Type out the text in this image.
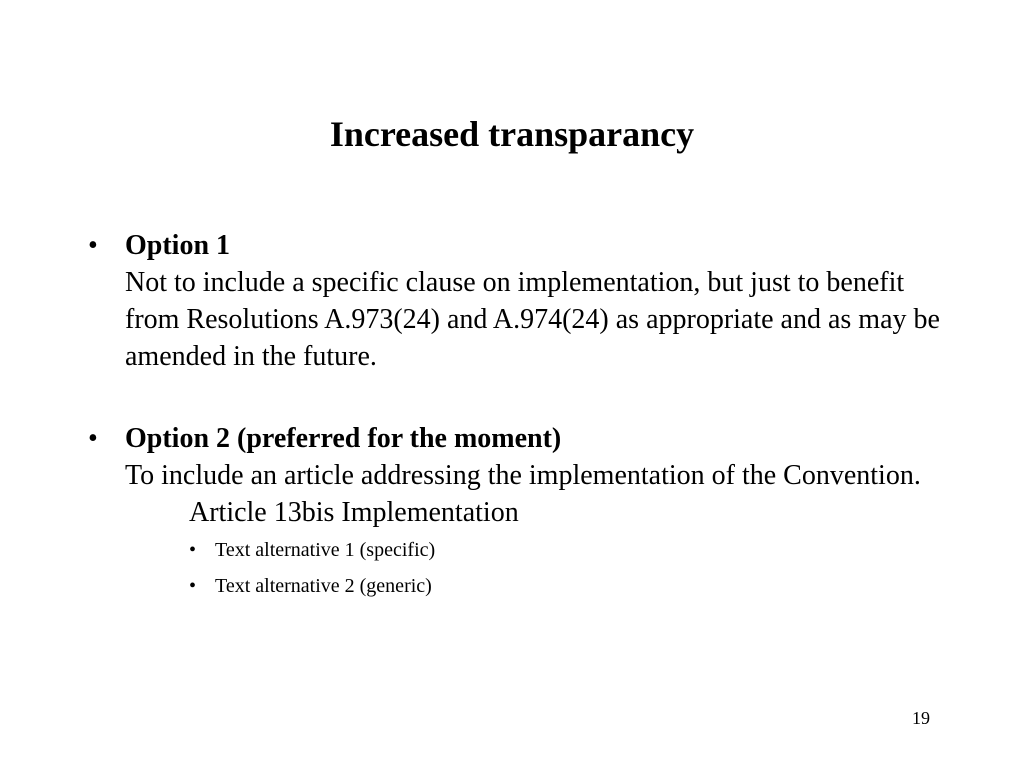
Increased transparancy
• Option 1
Not to include a specific clause on implementation, but just to benefit from Resolutions A.973(24) and A.974(24) as appropriate and as may be amended in the future.
• Option 2 (preferred for the moment)
To include an article addressing the implementation of the Convention.
Article 13bis Implementation
• Text alternative 1 (specific)
• Text alternative 2 (generic)
19
